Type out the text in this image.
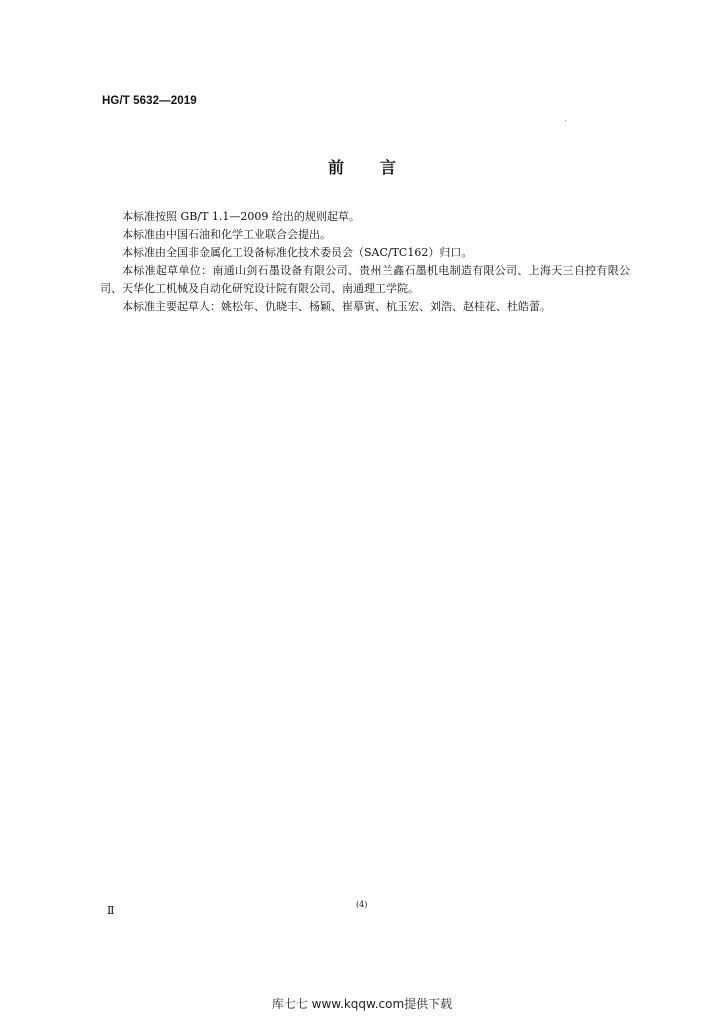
HG/T 5632—2019
前 言

本标准按照 GB/T 1.1—2009 给出的规则起草。

本标准由中国石油和化学工业联合会提出。

本标准由全国非金属化工设备标准化技术委员会（SAC/TC162）归口。

本标准起草单位：南通山剑石墨设备有限公司、贵州兰鑫石墨机电制造有限公司、上海天三自控有限公司、天华化工机械及自动化研究设计院有限公司、南通理工学院。

本标准主要起草人：姚松年、仇晓丰、杨颖、崔摹寅、杭玉宏、刘浩、赵桂花、杜皓蕾。

Ⅱ	(4)
库七七 www.kqqw.com提供下载
